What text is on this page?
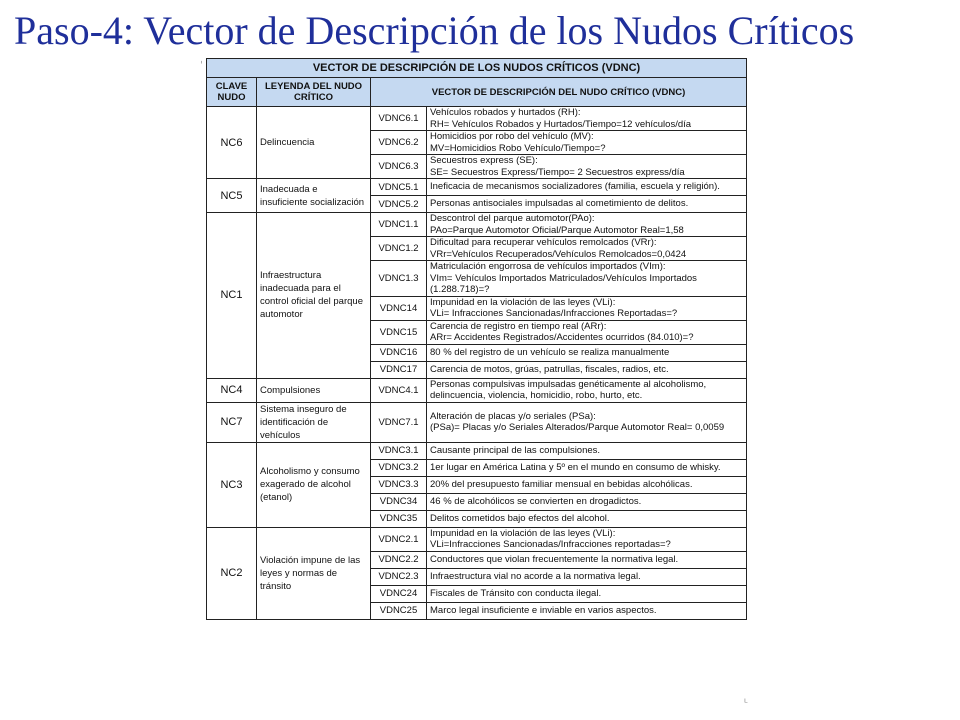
Paso-4: Vector de Descripción de los Nudos Críticos
VECTOR DE DESCRIPCIÓN DE LOS NUDOS CRÍTICOS (VDNC)			
CLAVE NUDO	LEYENDA DEL NUDO CRÍTICO	VECTOR DE DESCRIPCIÓN DEL NUDO CRÍTICO (VDNC)	
NC6	Delincuencia	VDNC6.1	Vehículos robados y hurtados (RH):
RH= Vehículos Robados y Hurtados/Tiempo=12 vehículos/día

		VDNC6.2	Homicidios por robo del vehículo (MV):
MV=Homicidios Robo Vehículo/Tiempo=?

		VDNC6.3	Secuestros express (SE):
SE= Secuestros Express/Tiempo= 2 Secuestros express/día

NC5	Inadecuada e insuficiente socialización	VDNC5.1	Ineficacia de mecanismos socializadores (familia, escuela y religión).

		VDNC5.2	Personas antisociales impulsadas al cometimiento de delitos.

NC1	Infraestructura inadecuada para el control oficial del parque automotor	VDNC1.1	Descontrol del parque automotor(PAo):
PAo=Parque Automotor Oficial/Parque Automotor Real=1,58

		VDNC1.2	Dificultad para recuperar vehículos remolcados (VRr):
VRr=Vehículos Recuperados/Vehículos Remolcados=0,0424

		VDNC1.3	Matriculación engorrosa de vehículos importados (VIm):
VIm= Vehículos Importados Matriculados/Vehículos Importados
(1.288.718)=?

		VDNC14	Impunidad en la violación de las leyes (VLi):
VLi= Infracciones Sancionadas/Infracciones Reportadas=?

		VDNC15	Carencia de registro en tiempo real (ARr):
ARr= Accidentes Registrados/Accidentes ocurridos (84.010)=?

		VDNC16	80 % del registro de un vehículo se realiza manualmente

		VDNC17	Carencia de motos, grúas, patrullas, fiscales, radios, etc.

NC4	Compulsiones	VDNC4.1	Personas compulsivas impulsadas genéticamente al alcoholismo,
delincuencia, violencia, homicidio, robo, hurto, etc.

NC7	Sistema inseguro de identificación de vehículos	VDNC7.1	Alteración de placas y/o seriales (PSa):
(PSa)= Placas y/o Seriales Alterados/Parque Automotor Real= 0,0059

NC3	Alcoholismo y consumo exagerado de alcohol (etanol)	VDNC3.1	Causante principal de las compulsiones.

		VDNC3.2	1er lugar en América Latina y 5º en el mundo en consumo de whisky.

		VDNC3.3	20% del presupuesto familiar mensual en bebidas alcohólicas.

		VDNC34	46 % de alcohólicos se convierten en drogadictos.

		VDNC35	Delitos cometidos bajo efectos del alcohol.

NC2	Violación impune de las leyes y normas de tránsito	VDNC2.1	Impunidad en la violación de las leyes (VLi):
VLi=Infracciones Sancionadas/Infracciones reportadas=?

		VDNC2.2	Conductores que violan frecuentemente la normativa legal.

		VDNC2.3	Infraestructura vial no acorde a la normativa legal.

		VDNC24	Fiscales de Tránsito con conducta ilegal.

		VDNC25	Marco legal insuficiente e inviable en varios aspectos.
ˌ
ᴸ
